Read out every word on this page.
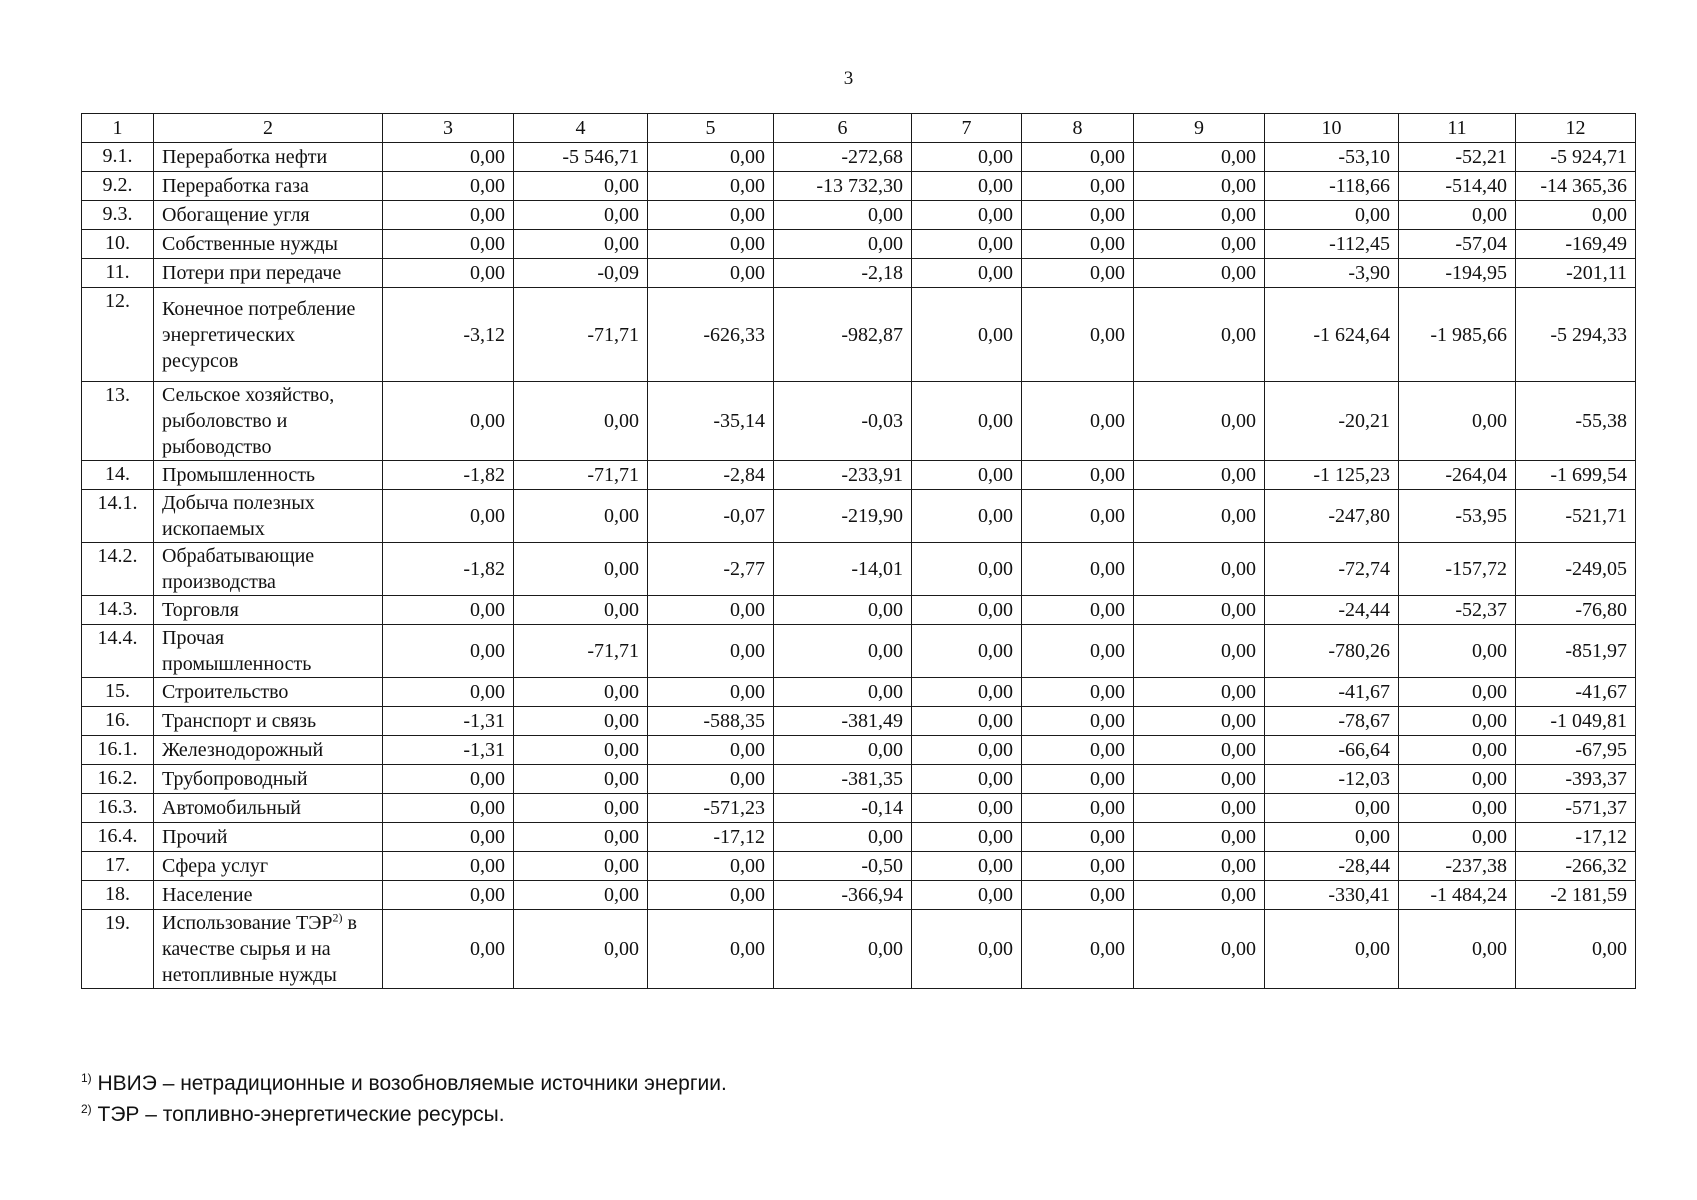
3
1	2	3	4	5	6	7	8	9	10	11	12
9.1.	Переработка нефти	0,00	-5 546,71	0,00	-272,68	0,00	0,00	0,00	-53,10	-52,21	-5 924,71
9.2.	Переработка газа	0,00	0,00	0,00	-13 732,30	0,00	0,00	0,00	-118,66	-514,40	-14 365,36
9.3.	Обогащение угля	0,00	0,00	0,00	0,00	0,00	0,00	0,00	0,00	0,00	0,00
10.	Собственные нужды	0,00	0,00	0,00	0,00	0,00	0,00	0,00	-112,45	-57,04	-169,49
11.	Потери при передаче	0,00	-0,09	0,00	-2,18	0,00	0,00	0,00	-3,90	-194,95	-201,11
12.	Конечное потребление энергетических ресурсов	-3,12	-71,71	-626,33	-982,87	0,00	0,00	0,00	-1 624,64	-1 985,66	-5 294,33
13.	Сельское хозяйство, рыболовство и рыбоводство	0,00	0,00	-35,14	-0,03	0,00	0,00	0,00	-20,21	0,00	-55,38
14.	Промышленность	-1,82	-71,71	-2,84	-233,91	0,00	0,00	0,00	-1 125,23	-264,04	-1 699,54
14.1.	Добыча полезных ископаемых	0,00	0,00	-0,07	-219,90	0,00	0,00	0,00	-247,80	-53,95	-521,71
14.2.	Обрабатывающие производства	-1,82	0,00	-2,77	-14,01	0,00	0,00	0,00	-72,74	-157,72	-249,05
14.3.	Торговля	0,00	0,00	0,00	0,00	0,00	0,00	0,00	-24,44	-52,37	-76,80
14.4.	Прочая промышленность	0,00	-71,71	0,00	0,00	0,00	0,00	0,00	-780,26	0,00	-851,97
15.	Строительство	0,00	0,00	0,00	0,00	0,00	0,00	0,00	-41,67	0,00	-41,67
16.	Транспорт и связь	-1,31	0,00	-588,35	-381,49	0,00	0,00	0,00	-78,67	0,00	-1 049,81
16.1.	Железнодорожный	-1,31	0,00	0,00	0,00	0,00	0,00	0,00	-66,64	0,00	-67,95
16.2.	Трубопроводный	0,00	0,00	0,00	-381,35	0,00	0,00	0,00	-12,03	0,00	-393,37
16.3.	Автомобильный	0,00	0,00	-571,23	-0,14	0,00	0,00	0,00	0,00	0,00	-571,37
16.4.	Прочий	0,00	0,00	-17,12	0,00	0,00	0,00	0,00	0,00	0,00	-17,12
17.	Сфера услуг	0,00	0,00	0,00	-0,50	0,00	0,00	0,00	-28,44	-237,38	-266,32
18.	Население	0,00	0,00	0,00	-366,94	0,00	0,00	0,00	-330,41	-1 484,24	-2 181,59
19.	Использование ТЭР$^{2)}$ в качестве сырья и на нетопливные нужды	0,00	0,00	0,00	0,00	0,00	0,00	0,00	0,00	0,00	0,00
$^{1)}$ НВИЭ – нетрадиционные и возобновляемые источники энергии.
$^{2)}$ ТЭР – топливно-энергетические ресурсы.
